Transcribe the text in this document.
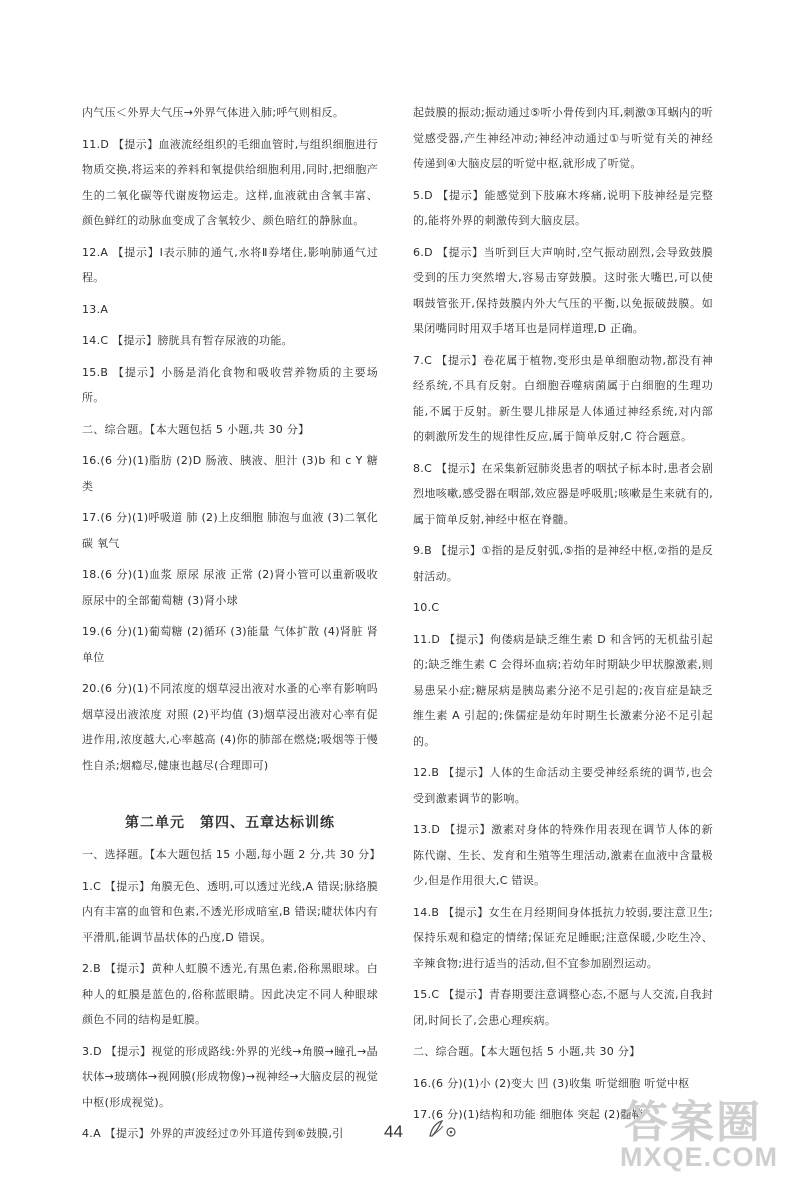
内气压＜外界大气压→外界气体进入肺;呼气则相反。

11.D 【提示】血液流经组织的毛细血管时,与组织细胞进行物质交换,将运来的养料和氧提供给细胞利用,同时,把细胞产生的二氧化碳等代谢废物运走。这样,血液就由含氧丰富、颜色鲜红的动脉血变成了含氧较少、颜色暗红的静脉血。

12.A 【提示】Ⅰ表示肺的通气,水将Ⅱ券堵住,影响肺通气过程。

13.A

14.C 【提示】膀胱具有暂存尿液的功能。

15.B 【提示】小肠是消化食物和吸收营养物质的主要场所。

二、综合题。【本大题包括 5 小题,共 30 分】

16.(6 分)(1)脂肪 (2)D 肠液、胰液、胆汁 (3)b 和 c Y 糖类

17.(6 分)(1)呼吸道 肺 (2)上皮细胞 肺泡与血液 (3)二氧化碳 氧气

18.(6 分)(1)血浆 原尿 尿液 正常 (2)肾小管可以重新吸收原尿中的全部葡萄糖 (3)肾小球

19.(6 分)(1)葡萄糖 (2)循环 (3)能量 气体扩散 (4)肾脏 肾单位

20.(6 分)(1)不同浓度的烟草浸出液对水蚤的心率有影响吗 烟草浸出液浓度 对照 (2)平均值 (3)烟草浸出液对心率有促进作用,浓度越大,心率越高 (4)你的肺部在燃烧;吸烟等于慢性自杀;烟瘾尽,健康也越尽(合理即可)

第二单元　第四、五章达标训练

一、选择题。【本大题包括 15 小题,每小题 2 分,共 30 分】

1.C 【提示】角膜无色、透明,可以透过光线,A 错误;脉络膜内有丰富的血管和色素,不透光形成暗室,B 错误;睫状体内有平滑肌,能调节晶状体的凸度,D 错误。

2.B 【提示】黄种人虹膜不透光,有黑色素,俗称黑眼球。白种人的虹膜是蓝色的,俗称蓝眼睛。因此决定不同人种眼球颜色不同的结构是虹膜。

3.D 【提示】视觉的形成路线:外界的光线→角膜→瞳孔→晶状体→玻璃体→视网膜(形成物像)→视神经→大脑皮层的视觉中枢(形成视觉)。

4.A 【提示】外界的声波经过⑦外耳道传到⑥鼓膜,引

起鼓膜的振动;振动通过⑤听小骨传到内耳,刺激③耳蜗内的听觉感受器,产生神经冲动;神经冲动通过①与听觉有关的神经传递到④大脑皮层的听觉中枢,就形成了听觉。

5.D 【提示】能感觉到下肢麻木疼痛,说明下肢神经是完整的,能将外界的刺激传到大脑皮层。

6.D 【提示】当听到巨大声响时,空气振动剧烈,会导致鼓膜受到的压力突然增大,容易击穿鼓膜。这时张大嘴巴,可以使咽鼓管张开,保持鼓膜内外大气压的平衡,以免振破鼓膜。如果闭嘴同时用双手堵耳也是同样道理,D 正确。

7.C 【提示】卷花属于植物,变形虫是单细胞动物,都没有神经系统,不具有反射。白细胞吞噬病菌属于白细胞的生理功能,不属于反射。新生婴儿排尿是人体通过神经系统,对内部的刺激所发生的规律性反应,属于简单反射,C 符合题意。

8.C 【提示】在采集新冠肺炎患者的咽拭子标本时,患者会剧烈地咳嗽,感受器在咽部,效应器是呼吸肌;咳嗽是生来就有的,属于简单反射,神经中枢在脊髓。

9.B 【提示】①指的是反射弧,⑤指的是神经中枢,②指的是反射活动。

10.C

11.D 【提示】佝偻病是缺乏维生素 D 和含钙的无机盐引起的;缺乏维生素 C 会得坏血病;若幼年时期缺少甲状腺激素,则易患呆小症;糖尿病是胰岛素分泌不足引起的;夜盲症是缺乏维生素 A 引起的;侏儒症是幼年时期生长激素分泌不足引起的。

12.B 【提示】人体的生命活动主要受神经系统的调节,也会受到激素调节的影响。

13.D 【提示】激素对身体的特殊作用表现在调节人体的新陈代谢、生长、发育和生殖等生理活动,激素在血液中含量极少,但是作用很大,C 错误。

14.B 【提示】女生在月经期间身体抵抗力较弱,要注意卫生;保持乐观和稳定的情绪;保证充足睡眠;注意保暖,少吃生冷、辛辣食物;进行适当的活动,但不宜参加剧烈运动。

15.C 【提示】青春期要注意调整心态,不愿与人交流,自我封闭,时间长了,会患心理疾病。

二、综合题。【本大题包括 5 小题,共 30 分】

16.(6 分)(1)小 (2)变大 凹 (3)收集 听觉细胞 听觉中枢

17.(6 分)(1)结构和功能 细胞体 突起 (2)髓鞘

44	答案圈
MXQE.COM
